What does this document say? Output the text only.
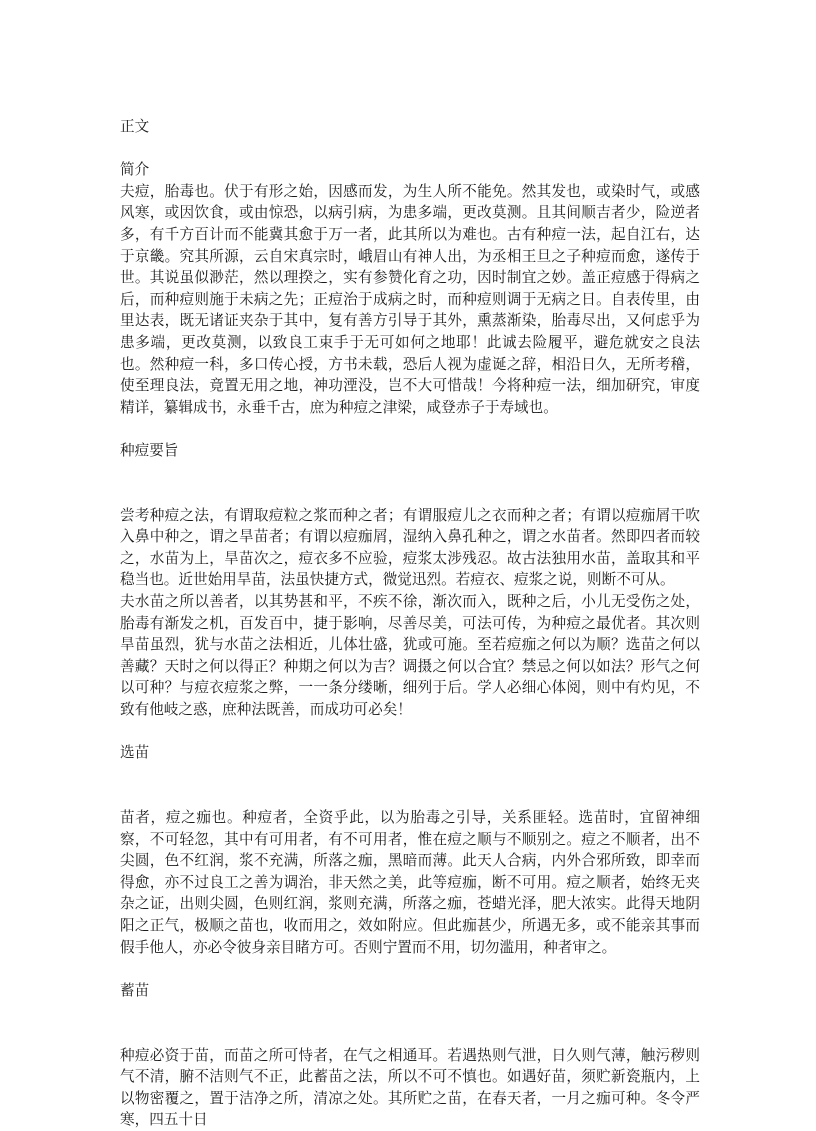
正文

简介

夫痘，胎毒也。伏于有形之始，因感而发，为生人所不能免。然其发也，或染时气，或感风寒，或因饮食，或由惊恐，以病引病，为患多端，更改莫测。且其间顺吉者少，险逆者多，有千方百计而不能冀其愈于万一者，此其所以为难也。古有种痘一法，起自江右，达于京畿。究其所源，云自宋真宗时，峨眉山有神人出，为丞相王旦之子种痘而愈，遂传于世。其说虽似渺茫，然以理揆之，实有参赞化育之功，因时制宜之妙。盖正痘感于得病之后，而种痘则施于未病之先；正痘治于成病之时，而种痘则调于无病之日。自表传里，由里达表，既无诸证夹杂于其中，复有善方引导于其外，熏蒸渐染，胎毒尽出，又何虑乎为患多端，更改莫测，以致良工束手于无可如何之地耶！此诚去险履平，避危就安之良法也。然种痘一科，多口传心授，方书未载，恐后人视为虚诞之辞，相沿日久，无所考稽，使至理良法，竟置无用之地，神功湮没，岂不大可惜哉！今将种痘一法，细加研究，审度精详，纂辑成书，永垂千古，庶为种痘之津梁，咸登赤子于寿域也。

种痘要旨

尝考种痘之法，有谓取痘粒之浆而种之者；有谓服痘儿之衣而种之者；有谓以痘痂屑干吹入鼻中种之，谓之旱苗者；有谓以痘痂屑，湿纳入鼻孔种之，谓之水苗者。然即四者而较之，水苗为上，旱苗次之，痘衣多不应验，痘浆太涉残忍。故古法独用水苗，盖取其和平稳当也。近世始用旱苗，法虽快捷方式，微觉迅烈。若痘衣、痘浆之说，则断不可从。

夫水苗之所以善者，以其势甚和平，不疾不徐，渐次而入，既种之后，小儿无受伤之处，胎毒有渐发之机，百发百中，捷于影响，尽善尽美，可法可传，为种痘之最优者。其次则旱苗虽烈，犹与水苗之法相近，儿体壮盛，犹或可施。至若痘痂之何以为顺？选苗之何以善藏？天时之何以得正？种期之何以为吉？调摄之何以合宜？禁忌之何以如法？形气之何以可种？与痘衣痘浆之弊，一一条分缕晰，细列于后。学人必细心体阅，则中有灼见，不致有他岐之惑，庶种法既善，而成功可必矣！

选苗

苗者，痘之痂也。种痘者，全资乎此，以为胎毒之引导，关系匪轻。选苗时，宜留神细察，不可轻忽，其中有可用者，有不可用者，惟在痘之顺与不顺别之。痘之不顺者，出不尖圆，色不红润，浆不充满，所落之痂，黑暗而薄。此天人合病，内外合邪所致，即幸而得愈，亦不过良工之善为调治，非天然之美，此等痘痂，断不可用。痘之顺者，始终无夹杂之证，出则尖圆，色则红润，浆则充满，所落之痂，苍蜡光泽，肥大浓实。此得天地阴阳之正气，极顺之苗也，收而用之，效如附应。但此痂甚少，所遇无多，或不能亲其事而假手他人，亦必令彼身亲目睹方可。否则宁置而不用，切勿滥用，种者审之。

蓄苗

种痘必资于苗，而苗之所可恃者，在气之相通耳。若遇热则气泄，日久则气薄，触污秽则气不清，腑不洁则气不正，此蓄苗之法，所以不可不慎也。如遇好苗，须贮新瓷瓶内，上以物密覆之，置于洁净之所，清凉之处。其所贮之苗，在春天者，一月之痂可种。冬令严寒，四五十日
